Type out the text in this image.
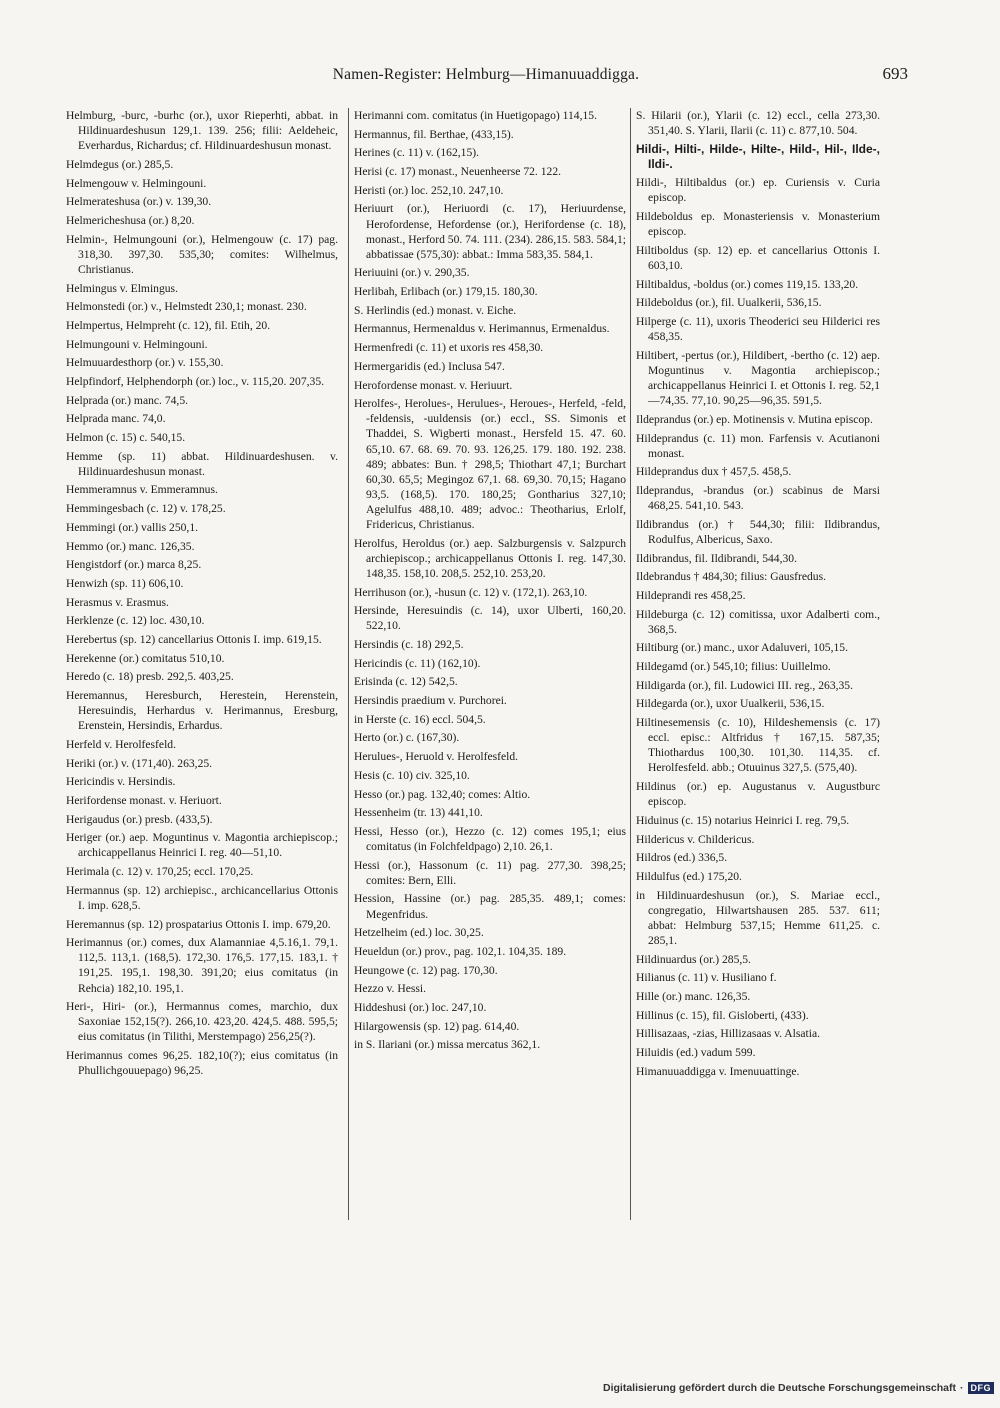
Namen-Register: Helmburg—Himanuuaddigga.	693
Helmburg, -burc, -burhc (or.), uxor Rieperhti, abbat. in Hildinuardeshusun 129,1. 139. 256; filii: Aeldeheic, Everhardus, Richardus; cf. Hildinuardeshusun monast.
Helmdegus (or.) 285,5.
Helmengouw v. Helmingouni.
Helmerateshusa (or.) v. 139,30.
Helmericheshusa (or.) 8,20.
Helmin-, Helmungouni (or.), Helmengouw (c. 17) pag. 318,30. 397,30. 535,30; comites: Wilhelmus, Christianus.
Helmingus v. Elmingus.
Helmonstedi (or.) v., Helmstedt 230,1; monast. 230.
Helmpertus, Helmpreht (c. 12), fil. Etih, 20.
Helmungouni v. Helmingouni.
Helmuuardesthorp (or.) v. 155,30.
Helpfindorf, Helphendorph (or.) loc., v. 115,20. 207,35.
Helprada (or.) manc. 74,5.
Helprada manc. 74,0.
Helmon (c. 15) c. 540,15.
Hemme (sp. 11) abbat. Hildinuardeshusen. v. Hildinuardeshusun monast.
Hemmeramnus v. Emmeramnus.
Hemmingesbach (c. 12) v. 178,25.
Hemmingi (or.) vallis 250,1.
Hemmo (or.) manc. 126,35.
Hengistdorf (or.) marca 8,25.
Henwizh (sp. 11) 606,10.
Herasmus v. Erasmus.
Herklenze (c. 12) loc. 430,10.
Herebertus (sp. 12) cancellarius Ottonis I. imp. 619,15.
Herekenne (or.) comitatus 510,10.
Heredo (c. 18) presb. 292,5. 403,25.
Heremannus, Heresburch, Herestein, Herenstein, Heresuindis, Herhardus v. Herimannus, Eresburg, Erenstein, Hersindis, Erhardus.
Herfeld v. Herolfesfeld.
Heriki (or.) v. (171,40). 263,25.
Hericindis v. Hersindis.
Herifordense monast. v. Heriuort.
Herigaudus (or.) presb. (433,5).
Heriger (or.) aep. Moguntinus v. Magontia archiepiscop.; archicappellanus Heinrici I. reg. 40—51,10.
Herimala (c. 12) v. 170,25; eccl. 170,25.
Hermannus (sp. 12) archiepisc., archicancellarius Ottonis I. imp. 628,5.
Heremannus (sp. 12) prospatarius Ottonis I. imp. 679,20.
Herimannus (or.) comes, dux Alamanniae 4,5.16,1. 79,1. 112,5. 113,1. (168,5). 172,30. 176,5. 177,15. 183,1. † 191,25. 195,1. 198,30. 391,20; eius comitatus (in Rehcia) 182,10. 195,1.
Heri-, Hiri- (or.), Hermannus comes, marchio, dux Saxoniae 152,15(?). 266,10. 423,20. 424,5. 488. 595,5; eius comitatus (in Tilithi, Merstempago) 256,25(?).
Herimannus comes 96,25. 182,10(?); eius comitatus (in Phullichgouuepago) 96,25.
Herimanni com. comitatus (in Huetigopago) 114,15.
Hermannus, fil. Berthae, (433,15).
Herines (c. 11) v. (162,15).
Herisi (c. 17) monast., Neuenheerse 72. 122.
Heristi (or.) loc. 252,10. 247,10.
Heriuurt (or.), Heriuordi (c. 17), Heriuurdense, Herofordense, Hefordense (or.), Herifordense (c. 18), monast., Herford 50. 74. 111. (234). 286,15. 583. 584,1; abbatissae (575,30): abbat.: Imma 583,35. 584,1.
Heriuuini (or.) v. 290,35.
Herlibah, Erlibach (or.) 179,15. 180,30.
S. Herlindis (ed.) monast. v. Eiche.
Hermannus, Hermenaldus v. Herimannus, Ermenaldus.
Hermenfredi (c. 11) et uxoris res 458,30.
Hermergaridis (ed.) Inclusa 547.
Herofordense monast. v. Heriuurt.
Herolfes-, Herolues-, Herulues-, Heroues-, Herfeld, -feld, -feldensis, -uuldensis (or.) eccl., SS. Simonis et Thaddei, S. Wigberti monast., Hersfeld 15. 47. 60. 65,10. 67. 68. 69. 70. 93. 126,25. 179. 180. 192. 238. 489; abbates: Bun. † 298,5; Thiothart 47,1; Burchart 60,30. 65,5; Megingoz 67,1. 68. 69,30. 70,15; Hagano 93,5. (168,5). 170. 180,25; Gontharius 327,10; Agelulfus 488,10. 489; advoc.: Theotharius, Erlolf, Fridericus, Christianus.
Herolfus, Heroldus (or.) aep. Salzburgensis v. Salzpurch archiepiscop.; archicappellanus Ottonis I. reg. 147,30. 148,35. 158,10. 208,5. 252,10. 253,20.
Herrihuson (or.), -husun (c. 12) v. (172,1). 263,10.
Hersinde, Heresuindis (c. 14), uxor Ulberti, 160,20. 522,10.
Hersindis (c. 18) 292,5.
Hericindis (c. 11) (162,10).
Erisinda (c. 12) 542,5.
Hersindis praedium v. Purchorei.
in Herste (c. 16) eccl. 504,5.
Herto (or.) c. (167,30).
Herulues-, Heruold v. Herolfesfeld.
Hesis (c. 10) civ. 325,10.
Hesso (or.) pag. 132,40; comes: Altio.
Hessenheim (tr. 13) 441,10.
Hessi, Hesso (or.), Hezzo (c. 12) comes 195,1; eius comitatus (in Folchfeldpago) 2,10. 26,1.
Hessi (or.), Hassonum (c. 11) pag. 277,30. 398,25; comites: Bern, Elli.
Hession, Hassine (or.) pag. 285,35. 489,1; comes: Megenfridus.
Hetzelheim (ed.) loc. 30,25.
Heueldun (or.) prov., pag. 102,1. 104,35. 189.
Heungowe (c. 12) pag. 170,30.
Hezzo v. Hessi.
Hiddeshusi (or.) loc. 247,10.
Hilargowensis (sp. 12) pag. 614,40.
in S. Ilariani (or.) missa mercatus 362,1.
S. Hilarii (or.), Ylarii (c. 12) eccl., cella 273,30. 351,40. S. Ylarii, Ilarii (c. 11) c. 877,10. 504.
Hildi-, Hilti-, Hilde-, Hilte-, Hild-, Hil-, Ilde-, Ildi-.
Hildi-, Hiltibaldus (or.) ep. Curiensis v. Curia episcop.
Hildeboldus ep. Monasteriensis v. Monasterium episcop.
Hiltiboldus (sp. 12) ep. et cancellarius Ottonis I. 603,10.
Hiltibaldus, -boldus (or.) comes 119,15. 133,20.
Hildeboldus (or.), fil. Uualkerii, 536,15.
Hilperge (c. 11), uxoris Theoderici seu Hilderici res 458,35.
Hiltibert, -pertus (or.), Hildibert, -bertho (c. 12) aep. Moguntinus v. Magontia archiepiscop.; archicappellanus Heinrici I. et Ottonis I. reg. 52,1—74,35. 77,10. 90,25—96,35. 591,5.
Ildeprandus (or.) ep. Motinensis v. Mutina episcop.
Hildeprandus (c. 11) mon. Farfensis v. Acutianoni monast.
Hildeprandus dux † 457,5. 458,5.
Ildeprandus, -brandus (or.) scabinus de Marsi 468,25. 541,10. 543.
Ildibrandus (or.) † 544,30; filii: Ildibrandus, Rodulfus, Albericus, Saxo.
Ildibrandus, fil. Ildibrandi, 544,30.
Ildebrandus † 484,30; filius: Gausfredus.
Hildeprandi res 458,25.
Hildeburga (c. 12) comitissa, uxor Adalberti com., 368,5.
Hiltiburg (or.) manc., uxor Adaluveri, 105,15.
Hildegamd (or.) 545,10; filius: Uuillelmo.
Hildigarda (or.), fil. Ludowici III. reg., 263,35.
Hildegarda (or.), uxor Uualkerii, 536,15.
Hiltinesemensis (c. 10), Hildeshemensis (c. 17) eccl. episc.: Altfridus † 167,15. 587,35; Thiothardus 100,30. 101,30. 114,35. cf. Herolfesfeld. abb.; Otuuinus 327,5. (575,40).
Hildinus (or.) ep. Augustanus v. Augustburc episcop.
Hiduinus (c. 15) notarius Heinrici I. reg. 79,5.
Hildericus v. Childericus.
Hildros (ed.) 336,5.
Hildulfus (ed.) 175,20.
in Hildinuardeshusun (or.), S. Mariae eccl., congregatio, Hilwartshausen 285. 537. 611; abbat: Helmburg 537,15; Hemme 611,25. c. 285,1.
Hildinuardus (or.) 285,5.
Hilianus (c. 11) v. Husiliano f.
Hille (or.) manc. 126,35.
Hillinus (c. 15), fil. Gisloberti, (433).
Hillisazaas, -zias, Hillizasaas v. Alsatia.
Hiluidis (ed.) vadum 599.
Himanuuaddigga v. Imenuuattinge.
Digitalisierung gefördert durch die Deutsche Forschungsgemeinschaft · DFG
